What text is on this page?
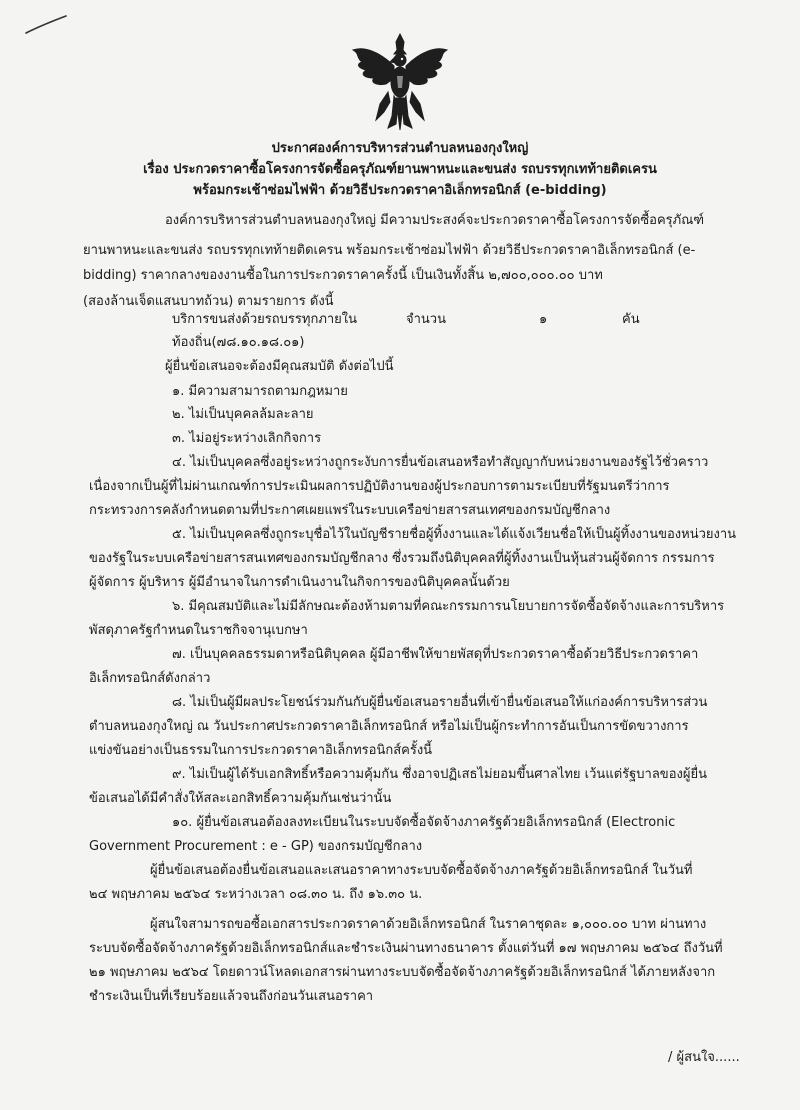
ประกาศองค์การบริหารส่วนตำบลหนองกุงใหญ่
เรื่อง ประกวดราคาซื้อโครงการจัดซื้อครุภัณฑ์ยานพาหนะและขนส่ง รถบรรทุกเทท้ายติดเครน
พร้อมกระเช้าซ่อมไฟฟ้า ด้วยวิธีประกวดราคาอิเล็กทรอนิกส์ (e-bidding)
องค์การบริหารส่วนตำบลหนองกุงใหญ่ มีความประสงค์จะประกวดราคาซื้อโครงการจัดซื้อครุภัณฑ์
ยานพาหนะและขนส่ง รถบรรทุกเทท้ายติดเครน พร้อมกระเช้าซ่อมไฟฟ้า ด้วยวิธีประกวดราคาอิเล็กทรอนิกส์ (e-
bidding) ราคากลางของงานซื้อในการประกวดราคาครั้งนี้ เป็นเงินทั้งสิ้น ๒,๗๐๐,๐๐๐.๐๐ บาท
(สองล้านเจ็ดแสนบาทถ้วน) ตามรายการ ดังนี้
บริการขนส่งด้วยรถบรรทุกภายใน	จำนวน	๑	คัน
ท้องถิ่น(๗๘.๑๐.๑๘.๐๑)
ผู้ยื่นข้อเสนอจะต้องมีคุณสมบัติ ดังต่อไปนี้
๑. มีความสามารถตามกฎหมาย
๒. ไม่เป็นบุคคลล้มละลาย
๓. ไม่อยู่ระหว่างเลิกกิจการ
๔. ไม่เป็นบุคคลซึ่งอยู่ระหว่างถูกระงับการยื่นข้อเสนอหรือทำสัญญากับหน่วยงานของรัฐไว้ชั่วคราว
เนื่องจากเป็นผู้ที่ไม่ผ่านเกณฑ์การประเมินผลการปฏิบัติงานของผู้ประกอบการตามระเบียบที่รัฐมนตรีว่าการ
กระทรวงการคลังกำหนดตามที่ประกาศเผยแพร่ในระบบเครือข่ายสารสนเทศของกรมบัญชีกลาง
๕. ไม่เป็นบุคคลซึ่งถูกระบุชื่อไว้ในบัญชีรายชื่อผู้ทิ้งงานและได้แจ้งเวียนชื่อให้เป็นผู้ทิ้งงานของหน่วยงาน
ของรัฐในระบบเครือข่ายสารสนเทศของกรมบัญชีกลาง ซึ่งรวมถึงนิติบุคคลที่ผู้ทิ้งงานเป็นหุ้นส่วนผู้จัดการ กรรมการ
ผู้จัดการ ผู้บริหาร ผู้มีอำนาจในการดำเนินงานในกิจการของนิติบุคคลนั้นด้วย
๖. มีคุณสมบัติและไม่มีลักษณะต้องห้ามตามที่คณะกรรมการนโยบายการจัดซื้อจัดจ้างและการบริหาร
พัสดุภาครัฐกำหนดในราชกิจจานุเบกษา
๗. เป็นบุคคลธรรมดาหรือนิติบุคคล ผู้มีอาชีพให้ขายพัสดุที่ประกวดราคาซื้อด้วยวิธีประกวดราคา
อิเล็กทรอนิกส์ดังกล่าว
๘. ไม่เป็นผู้มีผลประโยชน์ร่วมกันกับผู้ยื่นข้อเสนอรายอื่นที่เข้ายื่นข้อเสนอให้แก่องค์การบริหารส่วน
ตำบลหนองกุงใหญ่ ณ วันประกาศประกวดราคาอิเล็กทรอนิกส์ หรือไม่เป็นผู้กระทำการอันเป็นการขัดขวางการ
แข่งขันอย่างเป็นธรรมในการประกวดราคาอิเล็กทรอนิกส์ครั้งนี้
๙. ไม่เป็นผู้ได้รับเอกสิทธิ์หรือความคุ้มกัน ซึ่งอาจปฏิเสธไม่ยอมขึ้นศาลไทย เว้นแต่รัฐบาลของผู้ยื่น
ข้อเสนอได้มีคำสั่งให้สละเอกสิทธิ์ความคุ้มกันเช่นว่านั้น
๑๐. ผู้ยื่นข้อเสนอต้องลงทะเบียนในระบบจัดซื้อจัดจ้างภาครัฐด้วยอิเล็กทรอนิกส์ (Electronic
Government Procurement : e - GP) ของกรมบัญชีกลาง
ผู้ยื่นข้อเสนอต้องยื่นข้อเสนอและเสนอราคาทางระบบจัดซื้อจัดจ้างภาครัฐด้วยอิเล็กทรอนิกส์ ในวันที่
๒๔ พฤษภาคม ๒๕๖๔ ระหว่างเวลา ๐๘.๓๐ น. ถึง ๑๖.๓๐ น.
ผู้สนใจสามารถขอซื้อเอกสารประกวดราคาด้วยอิเล็กทรอนิกส์ ในราคาชุดละ ๑,๐๐๐.๐๐ บาท ผ่านทาง
ระบบจัดซื้อจัดจ้างภาครัฐด้วยอิเล็กทรอนิกส์และชำระเงินผ่านทางธนาคาร ตั้งแต่วันที่ ๑๗ พฤษภาคม ๒๕๖๔ ถึงวันที่
๒๑ พฤษภาคม ๒๕๖๔ โดยดาวน์โหลดเอกสารผ่านทางระบบจัดซื้อจัดจ้างภาครัฐด้วยอิเล็กทรอนิกส์ ได้ภายหลังจาก
ชำระเงินเป็นที่เรียบร้อยแล้วจนถึงก่อนวันเสนอราคา
/ ผู้สนใจ......
